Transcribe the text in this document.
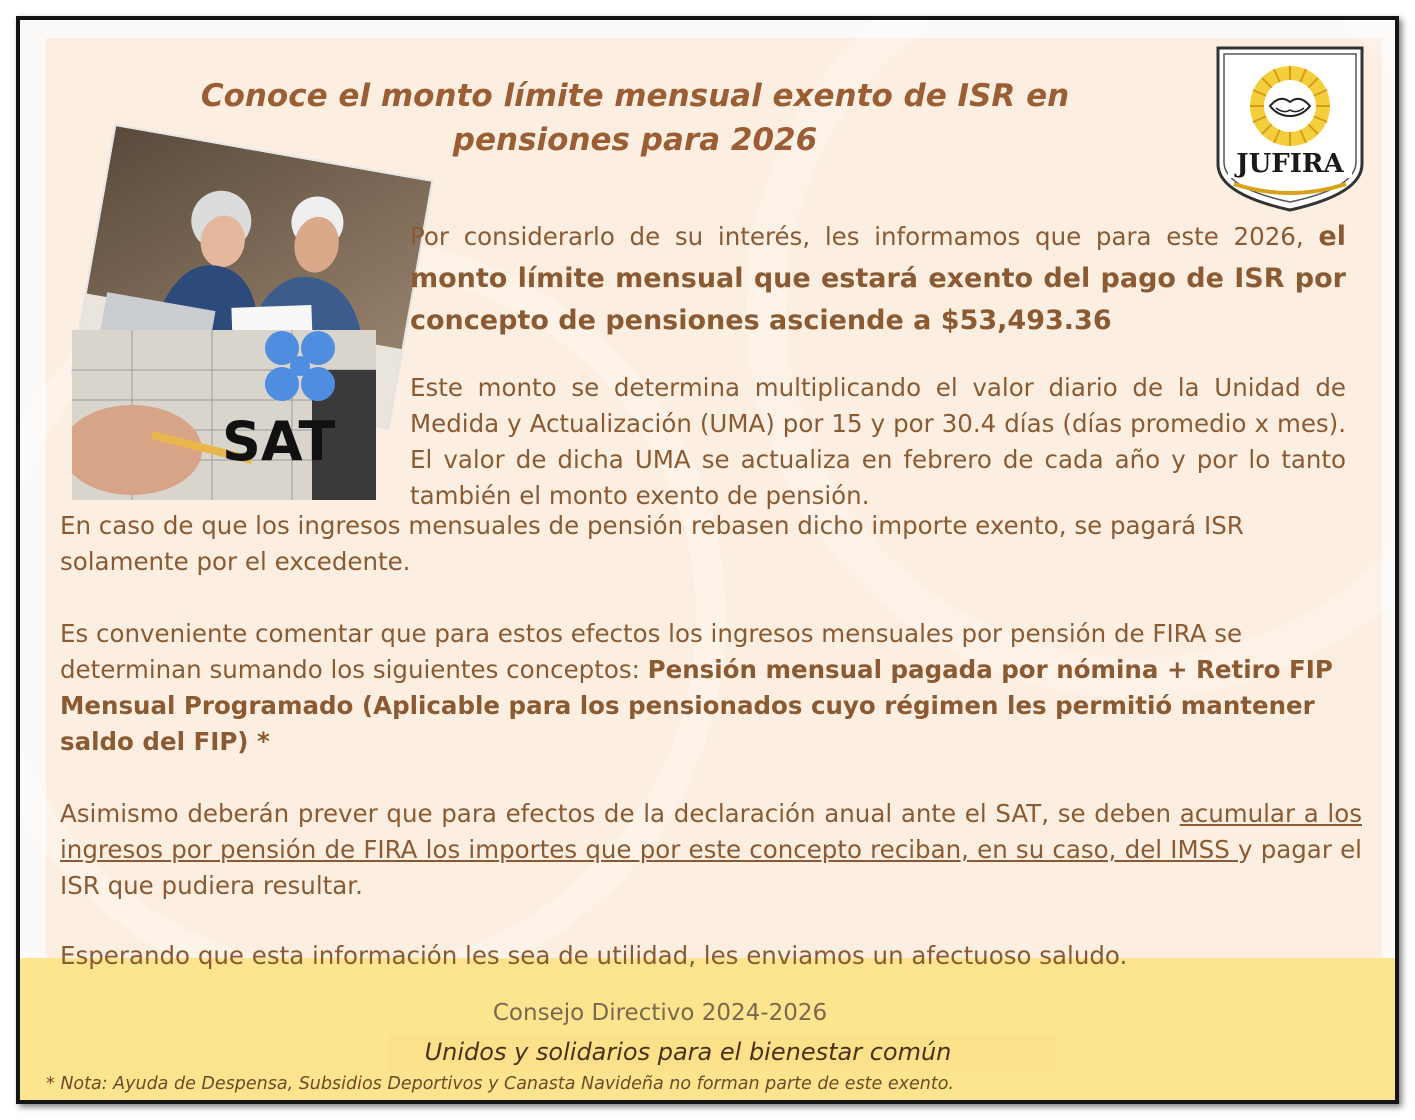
Conoce el monto límite mensual exento de ISR en
pensiones para 2026
JUFIRA
SAT

Por considerarlo de su interés, les informamos que para este 2026, el monto límite mensual que estará exento del pago de ISR por concepto de pensiones asciende a $53,493.36

Este monto se determina multiplicando el valor diario de la Unidad de Medida y Actualización (UMA) por 15 y por 30.4 días (días promedio x mes). El valor de dicha UMA se actualiza en febrero de cada año y por lo tanto también el monto exento de pensión.

En caso de que los ingresos mensuales de pensión rebasen dicho importe exento, se pagará ISR solamente por el excedente.

Es conveniente comentar que para estos efectos los ingresos mensuales por pensión de FIRA se determinan sumando los siguientes conceptos: Pensión mensual pagada por nómina + Retiro FIP Mensual Programado (Aplicable para los pensionados cuyo régimen les permitió mantener saldo del FIP) *

Asimismo deberán prever que para efectos de la declaración anual ante el SAT, se deben acumular a los ingresos por pensión de FIRA los importes que por este concepto reciban, en su caso, del IMSS y pagar el ISR que pudiera resultar.

Esperando que esta información les sea de utilidad, les enviamos un afectuoso saludo.

Consejo Directivo 2024-2026

Unidos y solidarios para el bienestar común

* Nota: Ayuda de Despensa, Subsidios Deportivos y Canasta Navideña no forman parte de este exento.
